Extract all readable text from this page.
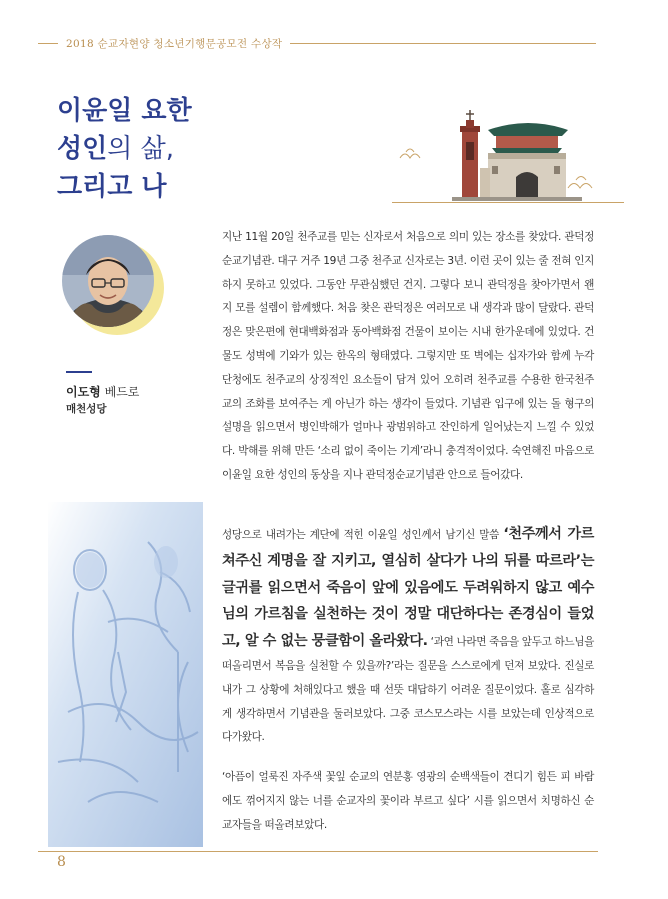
2018 순교자현양 청소년기행문공모전 수상작
이윤일 요한
성인의 삶,
그리고 나
이도형 베드로
매천성당

지난 11월 20일 천주교를 믿는 신자로서 처음으로 의미 있는 장소를 찾았다. 관덕정순교기념관. 대구 거주 19년 그중 천주교 신자로는 3년. 이런 곳이 있는 줄 전혀 인지하지 못하고 있었다. 그동안 무관심했던 건지. 그렇다 보니 관덕정을 찾아가면서 왠지 모를 설렘이 함께했다. 처음 찾은 관덕정은 여러모로 내 생각과 많이 달랐다. 관덕정은 맞은편에 현대백화점과 동아백화점 건물이 보이는 시내 한가운데에 있었다. 건물도 성벽에 기와가 있는 한옥의 형태였다. 그렇지만 또 벽에는 십자가와 함께 누각 단청에도 천주교의 상징적인 요소들이 담겨 있어 오히려 천주교를 수용한 한국천주교의 조화를 보여주는 게 아닌가 하는 생각이 들었다. 기념관 입구에 있는 돌 형구의 설명을 읽으면서 병인박해가 얼마나 광범위하고 잔인하게 일어났는지 느낄 수 있었다. 박해를 위해 만든 ‘소리 없이 죽이는 기계’라니 충격적이었다. 숙연해진 마음으로 이윤일 요한 성인의 동상을 지나 관덕정순교기념관 안으로 들어갔다.

성당으로 내려가는 계단에 적힌 이윤일 성인께서 남기신 말씀 ‘천주께서 가르쳐주신 계명을 잘 지키고, 열심히 살다가 나의 뒤를 따르라’는 글귀를 읽으면서 죽음이 앞에 있음에도 두려워하지 않고 예수님의 가르침을 실천하는 것이 정말 대단하다는 존경심이 들었고, 알 수 없는 뭉클함이 올라왔다. ‘과연 나라면 죽음을 앞두고 하느님을 떠올리면서 복음을 실천할 수 있을까?’라는 질문을 스스로에게 던져 보았다. 진실로 내가 그 상황에 처해있다고 했을 때 선뜻 대답하기 어려운 질문이었다. 홀로 심각하게 생각하면서 기념관을 둘러보았다. 그중 코스모스라는 시를 보았는데 인상적으로 다가왔다.

‘아픔이 얼룩진 자주색 꽃잎 순교의 연분홍 영광의 순백색들이 견디기 힘든 피 바람에도 꺾어지지 않는 너를 순교자의 꽃이라 부르고 싶다’ 시를 읽으면서 치명하신 순교자들을 떠올려보았다.

8
